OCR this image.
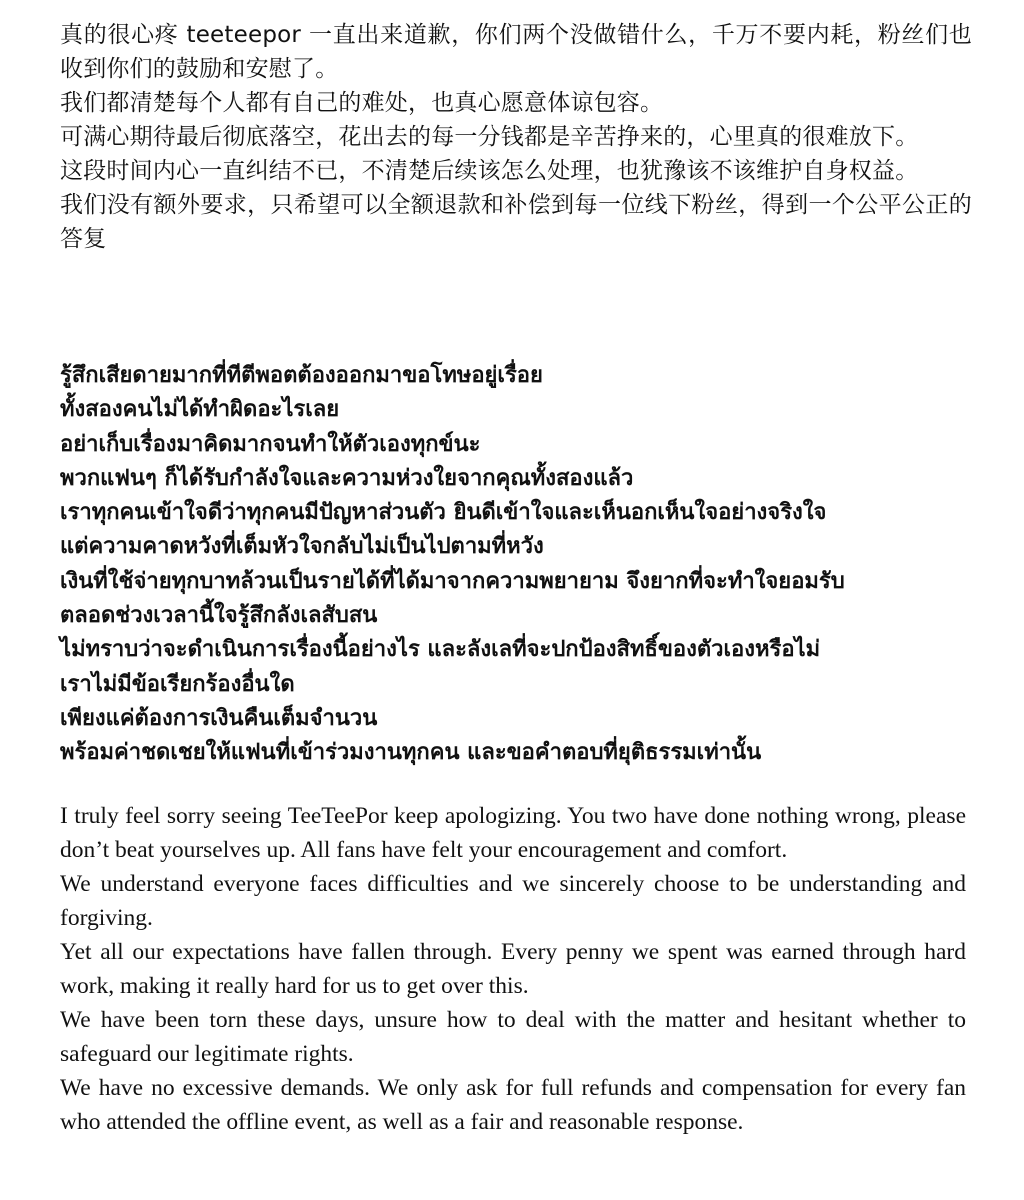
真的很心疼 teeteepor 一直出来道歉，你们两个没做错什么，千万不要内耗，粉丝们也收到你们的鼓励和安慰了。

我们都清楚每个人都有自己的难处，也真心愿意体谅包容。

可满心期待最后彻底落空，花出去的每一分钱都是辛苦挣来的，心里真的很难放下。

这段时间内心一直纠结不已，不清楚后续该怎么处理，也犹豫该不该维护自身权益。

我们没有额外要求，只希望可以全额退款和补偿到每一位线下粉丝，得到一个公平公正的答复

รู้สึกเสียดายมากที่ทีตีพอตต้องออกมาขอโทษอยู่เรื่อย

ทั้งสองคนไม่ได้ทำผิดอะไรเลย

อย่าเก็บเรื่องมาคิดมากจนทำให้ตัวเองทุกข์นะ

พวกแฟนๆ ก็ได้รับกำลังใจและความห่วงใยจากคุณทั้งสองแล้ว

เราทุกคนเข้าใจดีว่าทุกคนมีปัญหาส่วนตัว ยินดีเข้าใจและเห็นอกเห็นใจอย่างจริงใจ

แต่ความคาดหวังที่เต็มหัวใจกลับไม่เป็นไปตามที่หวัง

เงินที่ใช้จ่ายทุกบาทล้วนเป็นรายได้ที่ได้มาจากความพยายาม จึงยากที่จะทำใจยอมรับ

ตลอดช่วงเวลานี้ใจรู้สึกลังเลสับสน

ไม่ทราบว่าจะดำเนินการเรื่องนี้อย่างไร และลังเลที่จะปกป้องสิทธิ์ของตัวเองหรือไม่

เราไม่มีข้อเรียกร้องอื่นใด

เพียงแค่ต้องการเงินคืนเต็มจำนวน

พร้อมค่าชดเชยให้แฟนที่เข้าร่วมงานทุกคน และขอคำตอบที่ยุติธรรมเท่านั้น

I truly feel sorry seeing TeeTeePor keep apologizing. You two have done nothing wrong, please don’t beat yourselves up. All fans have felt your encouragement and comfort.

We understand everyone faces difficulties and we sincerely choose to be understanding and forgiving.

Yet all our expectations have fallen through. Every penny we spent was earned through hard work, making it really hard for us to get over this.

We have been torn these days, unsure how to deal with the matter and hesitant whether to safeguard our legitimate rights.

We have no excessive demands. We only ask for full refunds and compensation for every fan who attended the offline event, as well as a fair and reasonable response.
